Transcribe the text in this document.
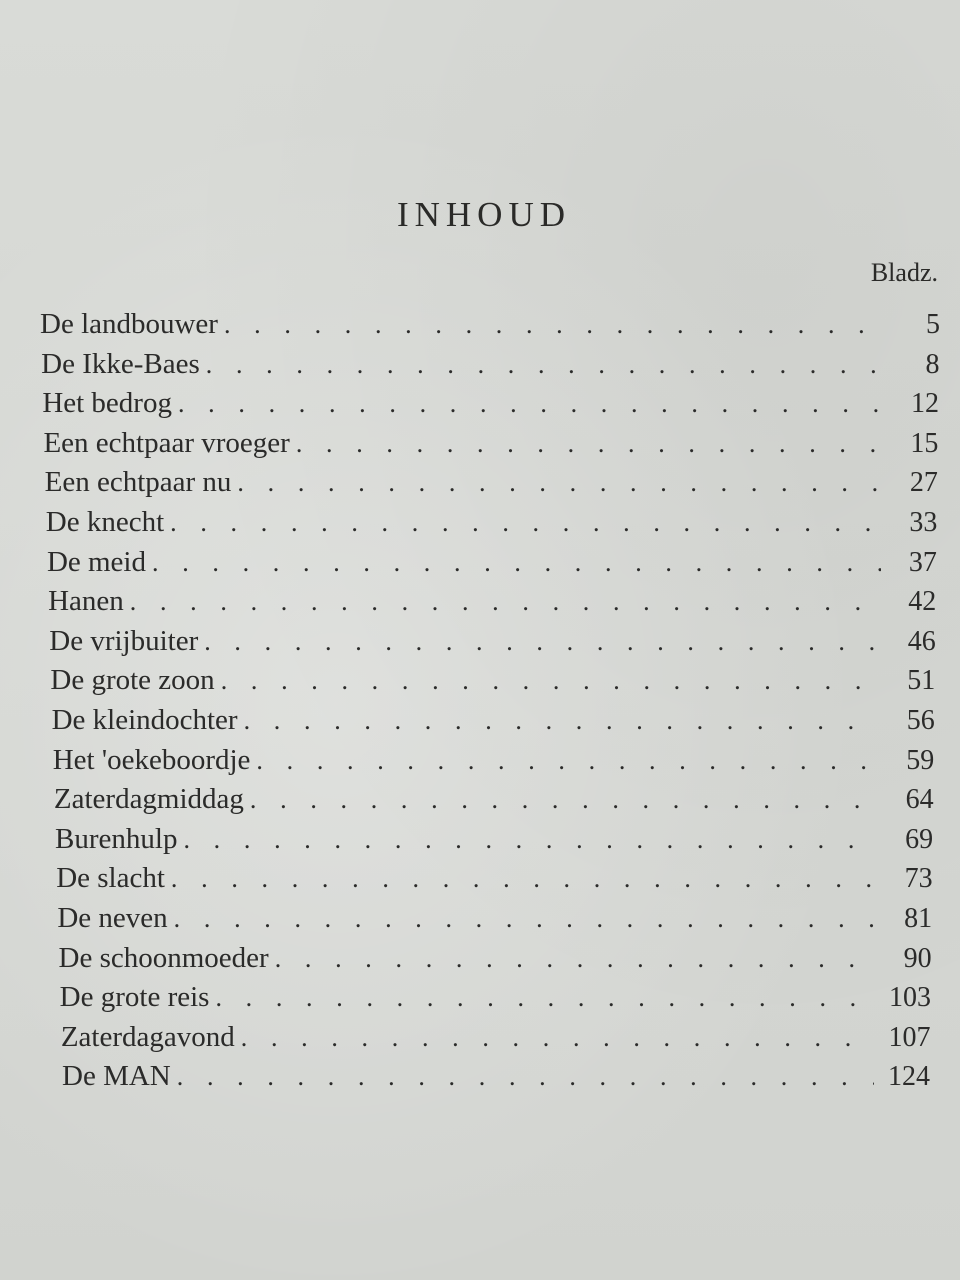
INHOUD
Bladz.
De landbouwer . . .	5
De Ikke-Baes . . .	8
Het bedrog . . .	12
Een echtpaar vroeger . . .	15
Een echtpaar nu . . .	27
De knecht . . .	33
De meid . . .	37
Hanen . . .	42
De vrijbuiter . . .	46
De grote zoon . . .	51
De kleindochter . . .	56
Het 'oekeboordje . . .	59
Zaterdagmiddag . . .	64
Burenhulp . . .	69
De slacht . . .	73
De neven . . .	81
De schoonmoeder . . .	90
De grote reis . . .	103
Zaterdagavond . . .	107
De MAN . . .	124
